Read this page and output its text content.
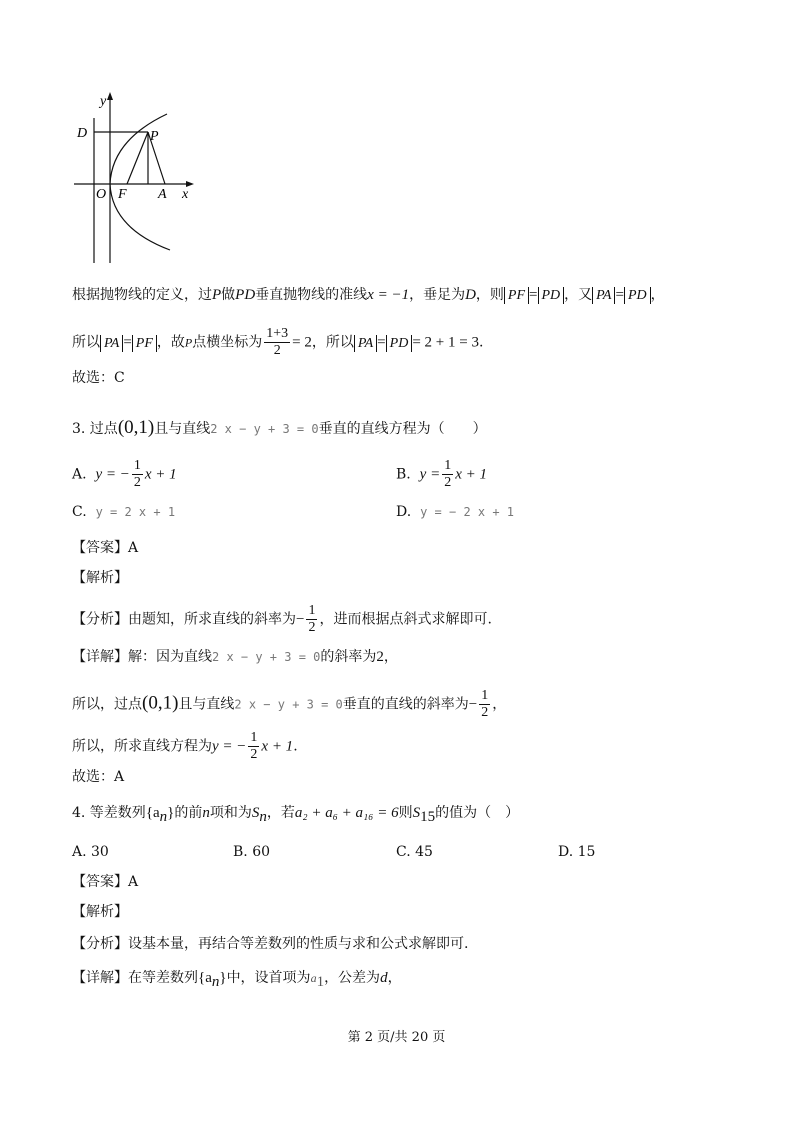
y
D	P
O F A x
根据抛物线的定义，过P做PD垂直抛物线的准线x = −1，垂足为D，则 PF = PD ，又 PA = PD ，
所以 PA = PF ，故P点横坐标为 $\frac{1+3}{2} = 2$，所以 PA = PD = 2 + 1 = 3.
故选：C
3. 过点(0,1)且与直线2 x − y + 3 = 0垂直的直线方程为（　　）
A. y = − $\frac{1}{2}$ x + 1	B. $y = \frac{1}{2}$ x + 1
C. y = 2 x + 1	D. y = − 2 x + 1
【答案】A
【解析】
【分析】由题知，所求直线的斜率为− $\frac{1}{2}$ ，进而根据点斜式求解即可.
【详解】解：因为直线2 x − y + 3 = 0的斜率为2，
所以，过点(0,1)且与直线2 x − y + 3 = 0垂直的直线的斜率为− $\frac{1}{2}$ ，
所以，所求直线方程为y = − $\frac{1}{2}$ x + 1.
故选：A
4. 等差数列$\{a_n\}$的前n项和为$S_n$，若a₂ + a₆ + a₁₆ = 6则$S_{15}$的值为（　）
A. 30	B. 60	C. 45	D. 15
【答案】A
【解析】
【分析】设基本量，再结合等差数列的性质与求和公式求解即可.
【详解】在等差数列$\{a_n\}$中，设首项为$a_1$，公差为d，
第 2 页/共 20 页
